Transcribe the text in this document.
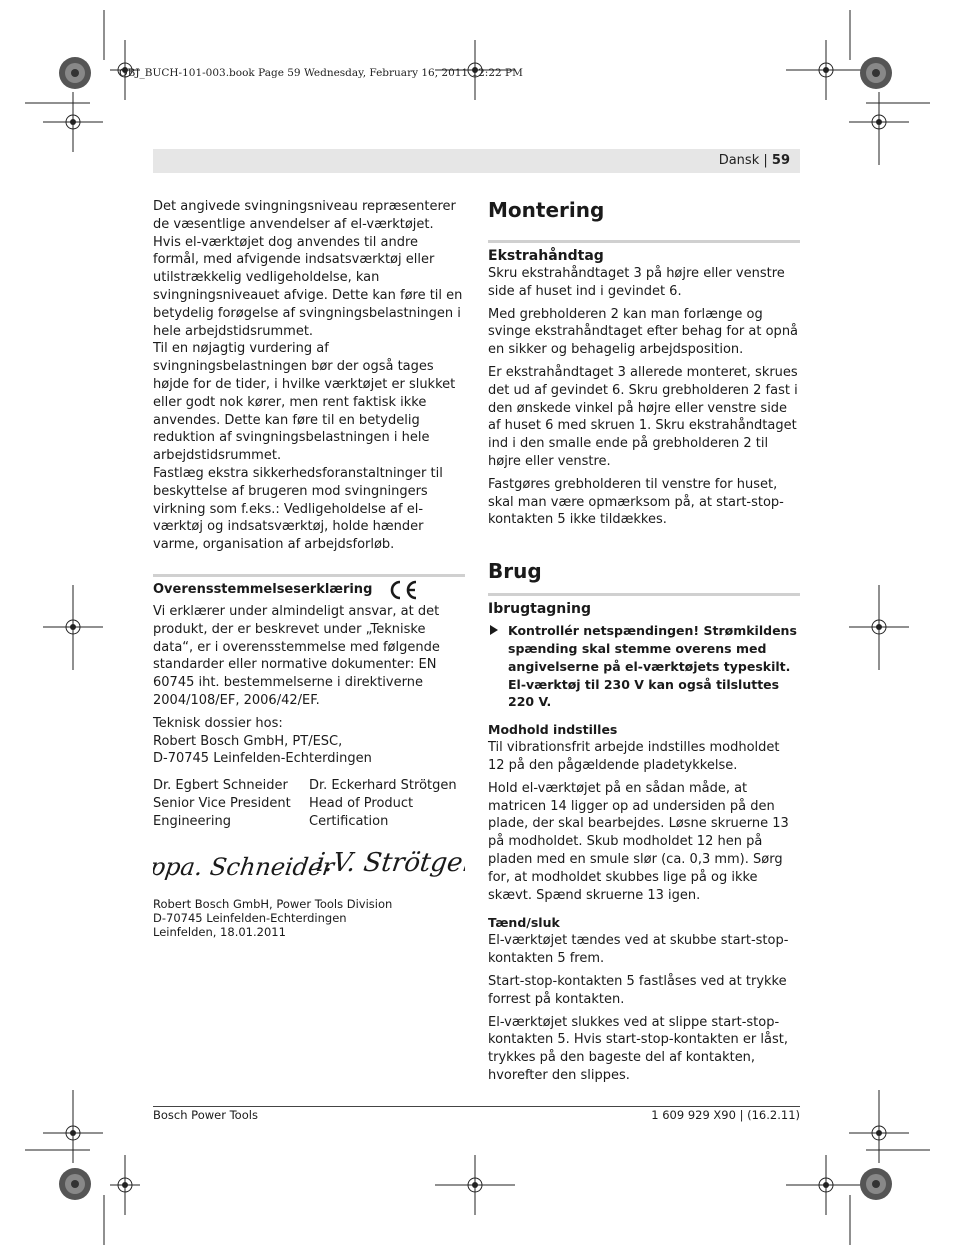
OBJ_BUCH-101-003.book Page 59 Wednesday, February 16, 2011 12:22 PM
Dansk | 59

Det angivede svingningsniveau repræsenterer de væsentlige anvendelser af el-værktøjet. Hvis el-værktøjet dog anvendes til andre formål, med afvigende indsatsværktøj eller utilstrækkelig vedligeholdelse, kan svingningsniveauet afvige. Dette kan føre til en betydelig forøgelse af svingningsbelastningen i hele arbejdstidsrummet.

Til en nøjagtig vurdering af svingningsbelastningen bør der også tages højde for de tider, i hvilke værktøjet er slukket eller godt nok kører, men rent faktisk ikke anvendes. Dette kan føre til en betydelig reduktion af svingningsbelastningen i hele arbejdstidsrummet.

Fastlæg ekstra sikkerhedsforanstaltninger til beskyttelse af brugeren mod svingningers virkning som f.eks.: Vedligeholdelse af el-værktøj og indsatsværktøj, holde hænder varme, organisation af arbejdsforløb.

Overensstemmelseserklæring

Vi erklærer under almindeligt ansvar, at det produkt, der er beskrevet under „Tekniske data“, er i overensstemmelse med følgende standarder eller normative dokumenter: EN 60745 iht. bestemmelserne i direktiverne 2004/108/EF, 2006/42/EF.

Teknisk dossier hos:

Robert Bosch GmbH, PT/ESC,

D-70745 Leinfelden-Echterdingen

Dr. Egbert Schneider

Senior Vice President

Engineering

Dr. Eckerhard Strötgen

Head of Product

Certification

ppa. Schneider
i.V. Strötgen

Robert Bosch GmbH, Power Tools Division

D-70745 Leinfelden-Echterdingen

Leinfelden, 18.01.2011

Montering
Ekstrahåndtag

Skru ekstrahåndtaget 3 på højre eller venstre side af huset ind i gevindet 6.

Med grebholderen 2 kan man forlænge og svinge ekstrahåndtaget efter behag for at opnå en sikker og behagelig arbejdsposition.

Er ekstrahåndtaget 3 allerede monteret, skrues det ud af gevindet 6. Skru grebholderen 2 fast i den ønskede vinkel på højre eller venstre side af huset 6 med skruen 1. Skru ekstrahåndtaget ind i den smalle ende på grebholderen 2 til højre eller venstre.

Fastgøres grebholderen til venstre for huset, skal man være opmærksom på, at start-stop-kontakten 5 ikke tildækkes.

Brug
Ibrugtagning
Kontrollér netspændingen! Strømkildens spænding skal stemme overens med angivelserne på el-værktøjets typeskilt. El-værktøj til 230 V kan også tilsluttes 220 V.
Modhold indstilles

Til vibrationsfrit arbejde indstilles modholdet 12 på den pågældende pladetykkelse.

Hold el-værktøjet på en sådan måde, at matricen 14 ligger op ad undersiden på den plade, der skal bearbejdes. Løsne skruerne 13 på modholdet. Skub modholdet 12 hen på pladen med en smule slør (ca. 0,3 mm). Sørg for, at modholdet skubbes lige på og ikke skævt. Spænd skruerne 13 igen.

Tænd/sluk

El-værktøjet tændes ved at skubbe start-stop-kontakten 5 frem.

Start-stop-kontakten 5 fastlåses ved at trykke forrest på kontakten.

El-værktøjet slukkes ved at slippe start-stop-kontakten 5. Hvis start-stop-kontakten er låst, trykkes på den bageste del af kontakten, hvorefter den slippes.

Bosch Power Tools	1 609 929 X90 | (16.2.11)
